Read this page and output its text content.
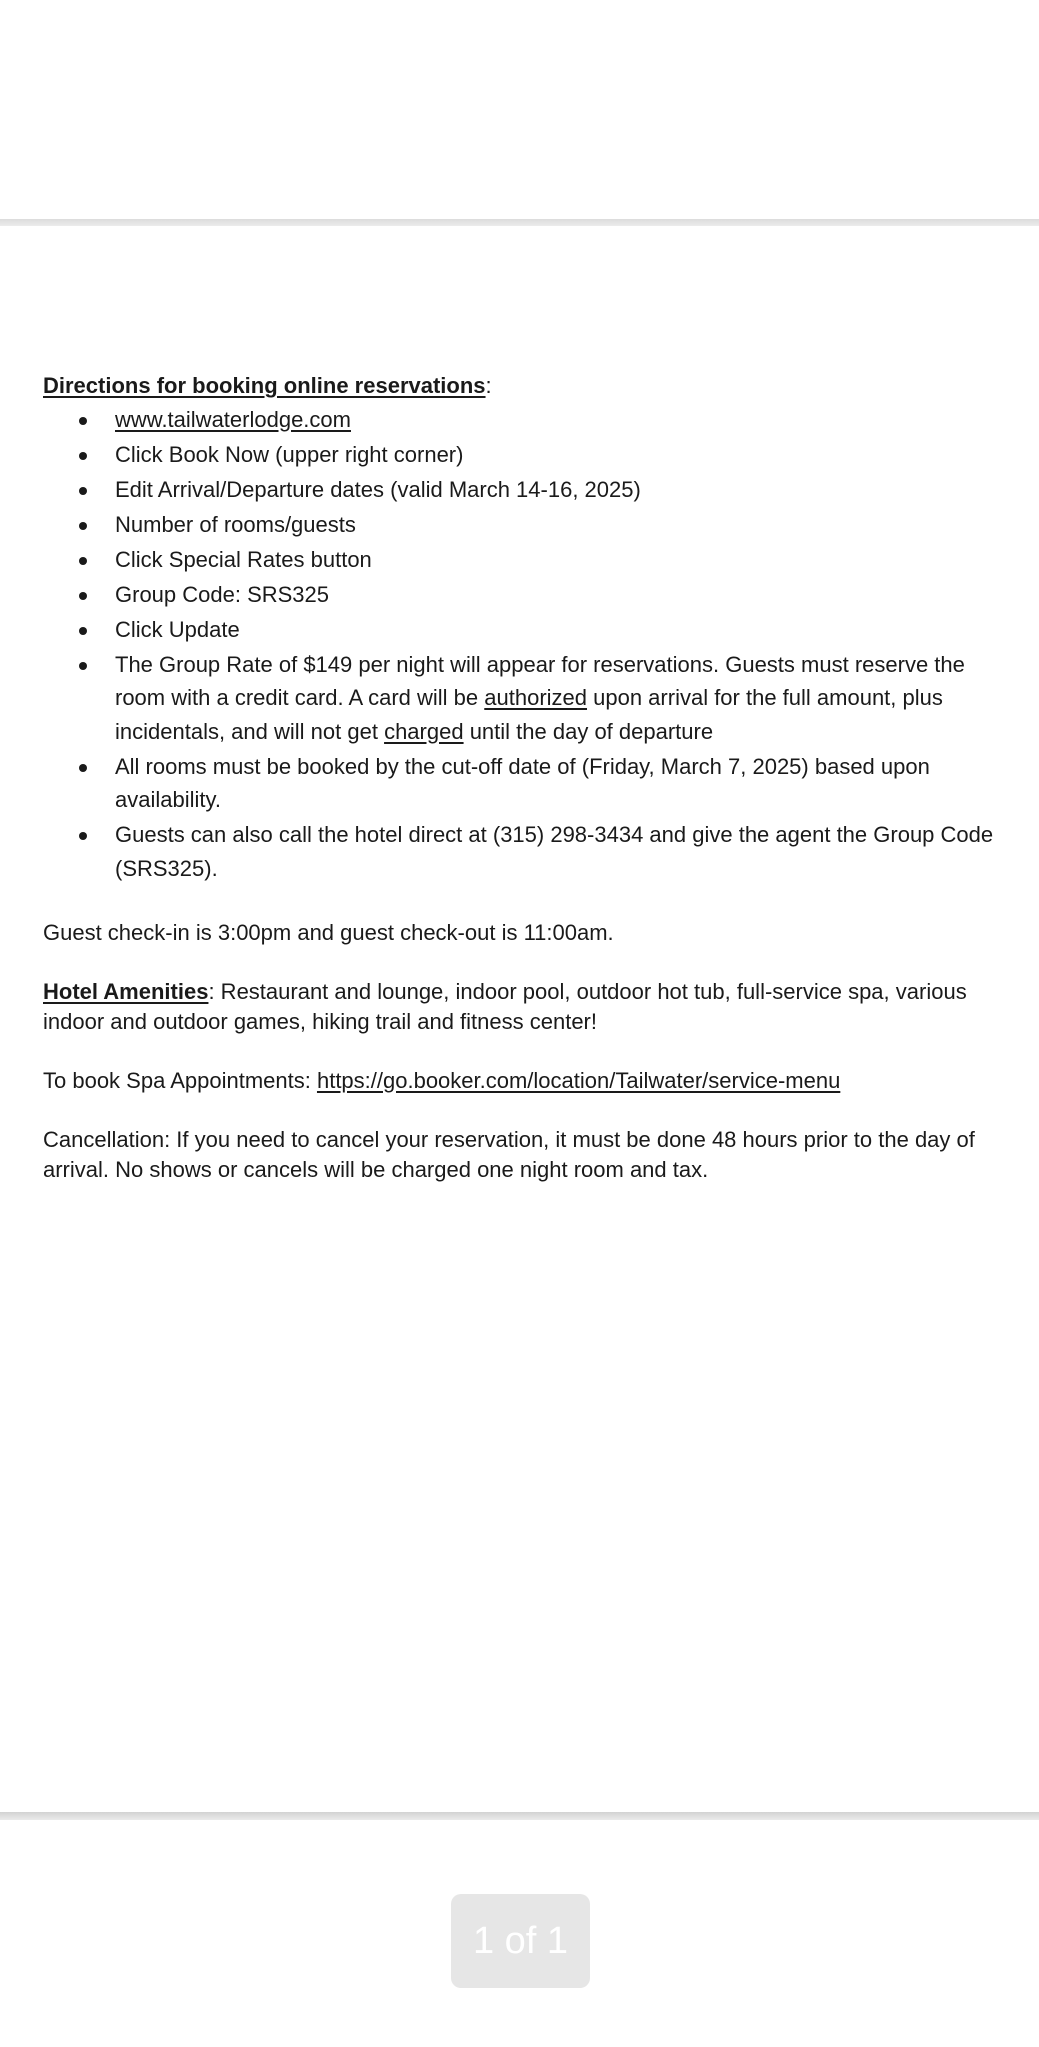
Directions for booking online reservations:
www.tailwaterlodge.com
Click Book Now (upper right corner)
Edit Arrival/Departure dates (valid March 14-16, 2025)
Number of rooms/guests
Click Special Rates button
Group Code: SRS325
Click Update
The Group Rate of $149 per night will appear for reservations. Guests must reserve the room with a credit card. A card will be authorized upon arrival for the full amount, plus incidentals, and will not get charged until the day of departure
All rooms must be booked by the cut-off date of (Friday, March 7, 2025) based upon availability.
Guests can also call the hotel direct at (315) 298-3434 and give the agent the Group Code (SRS325).

Guest check-in is 3:00pm and guest check-out is 11:00am.

Hotel Amenities: Restaurant and lounge, indoor pool, outdoor hot tub, full-service spa, various indoor and outdoor games, hiking trail and fitness center!

To book Spa Appointments: https://go.booker.com/location/Tailwater/service-menu

Cancellation: If you need to cancel your reservation, it must be done 48 hours prior to the day of arrival. No shows or cancels will be charged one night room and tax.

1 of 1
